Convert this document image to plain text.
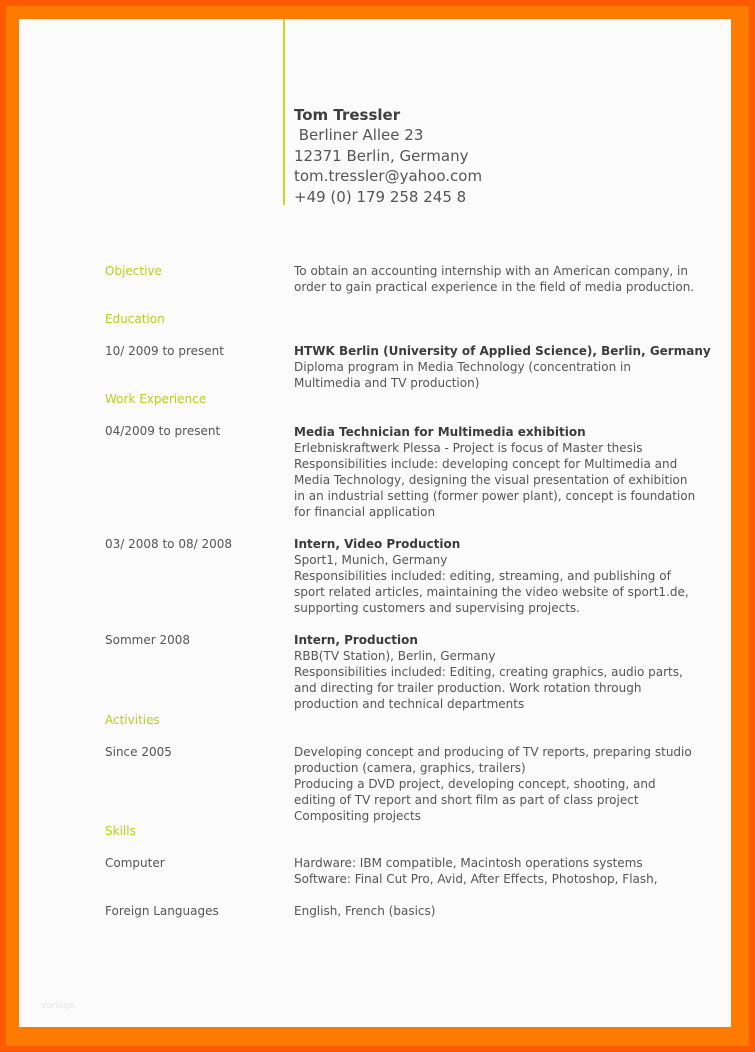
Tom Tressler
Berliner Allee 23
12371 Berlin, Germany
tom.tressler@yahoo.com
+49 (0) 179 258 245 8
Objective	To obtain an accounting internship with an American company, in
order to gain practical experience in the field of media production.
Education
10/ 2009 to present	HTWK Berlin (University of Applied Science), Berlin, Germany
Diploma program in Media Technology (concentration in
Multimedia and TV production)
Work Experience
04/2009 to present	Media Technician for Multimedia exhibition
Erlebniskraftwerk Plessa - Project is focus of Master thesis
Responsibilities include: developing concept for Multimedia and
Media Technology, designing the visual presentation of exhibition
in an industrial setting (former power plant), concept is foundation
for financial application
03/ 2008 to 08/ 2008	Intern, Video Production
Sport1, Munich, Germany
Responsibilities included: editing, streaming, and publishing of
sport related articles, maintaining the video website of sport1.de,
supporting customers and supervising projects.
Sommer 2008	Intern, Production
RBB(TV Station), Berlin, Germany
Responsibilities included: Editing, creating graphics, audio parts,
and directing for trailer production. Work rotation through
production and technical departments
Activities
Since 2005	Developing concept and producing of TV reports, preparing studio
production (camera, graphics, trailers)
Producing a DVD project, developing concept, shooting, and
editing of TV report and short film as part of class project
Compositing projects
Skills
Computer	Hardware: IBM compatible, Macintosh operations systems
Software: Final Cut Pro, Avid, After Effects, Photoshop, Flash,
Foreign Languages	English, French (basics)
vorlage
